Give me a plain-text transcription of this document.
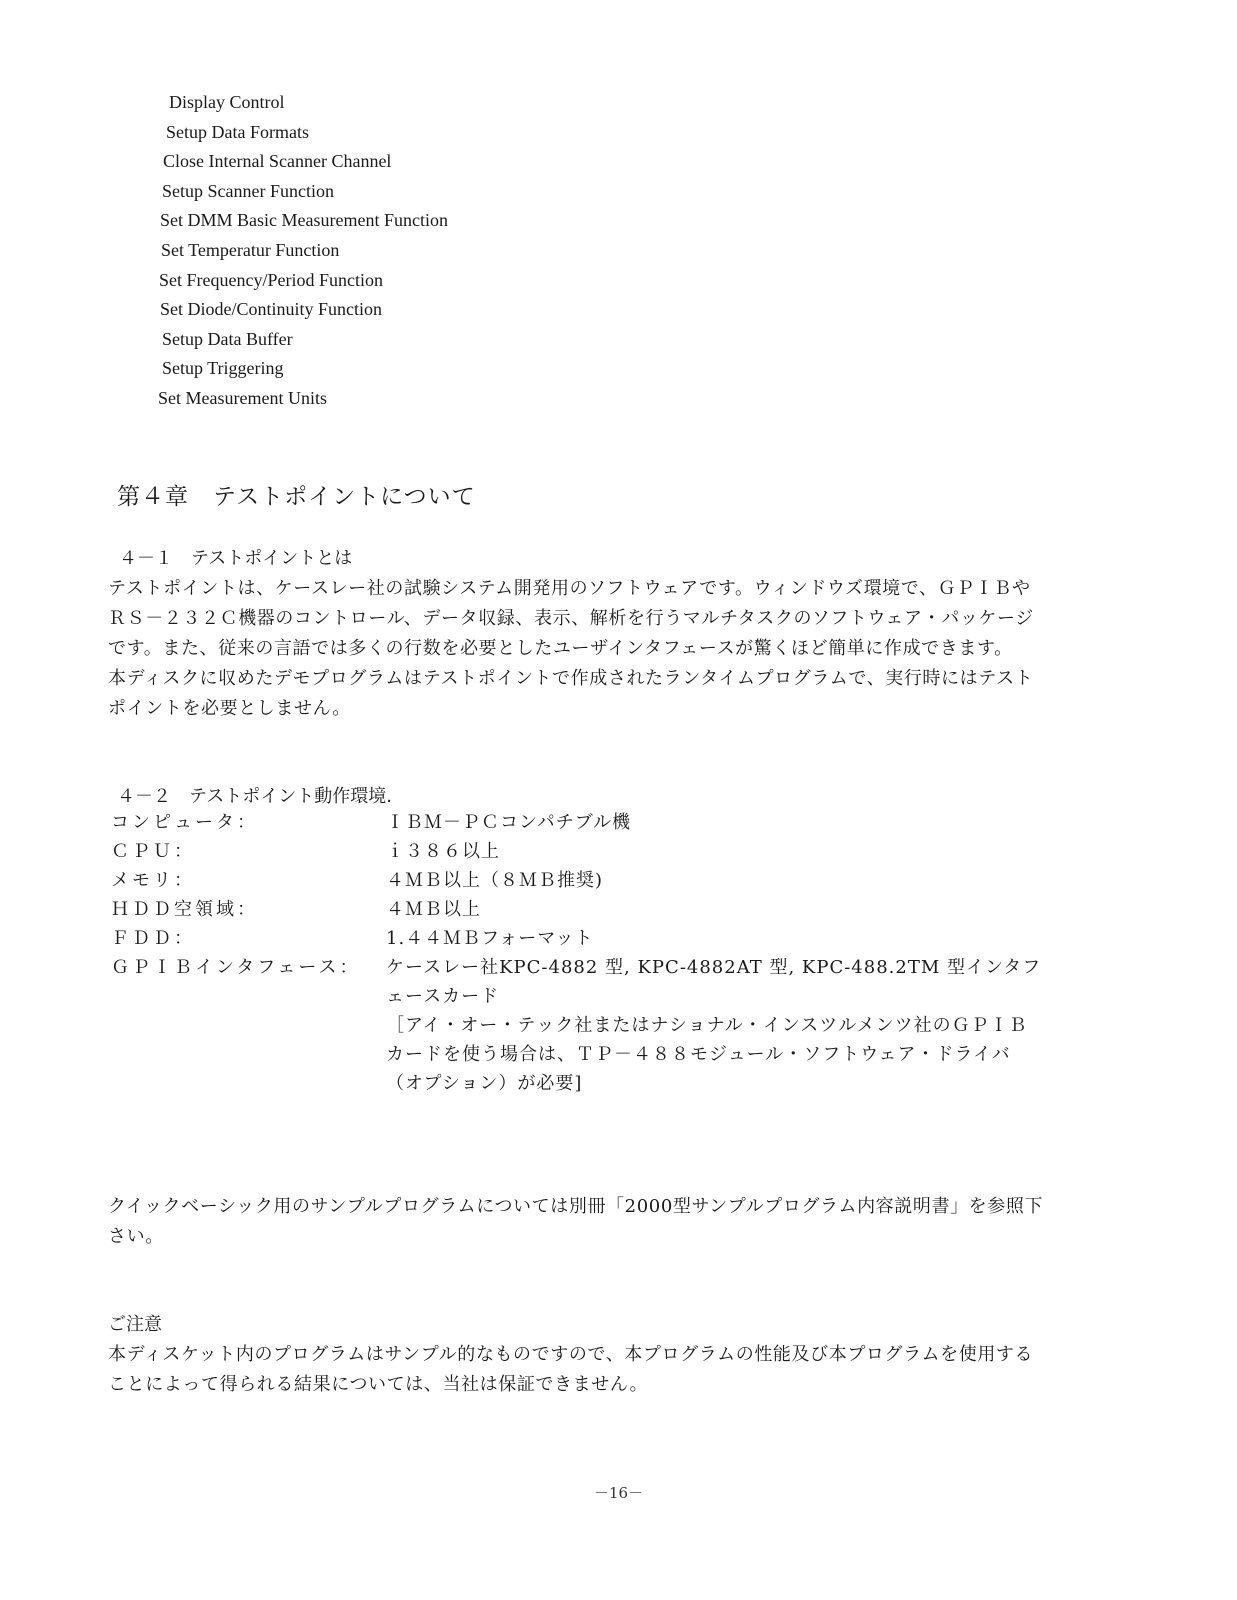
Display Control
Setup Data Formats
Close Internal Scanner Channel
Setup Scanner Function
Set DMM Basic Measurement Function
Set Temperatur Function
Set Frequency/Period Function
Set Diode/Continuity Function
Setup Data Buffer
Setup Triggering
Set Measurement Units
第４章　テストポイントについて
４－１　テストポイントとは

テストポイントは、ケースレー社の試験システム開発用のソフトウェアです。ウィンドウズ環境で、ＧＰＩＢやＲＳ－２３２Ｃ機器のコントロール、データ収録、表示、解析を行うマルチタスクのソフトウェア・パッケージです。また、従来の言語では多くの行数を必要としたユーザインタフェースが驚くほど簡単に作成できます。

本ディスクに収めたデモプログラムはテストポイントで作成されたランタイムプログラムで、実行時にはテストポイントを必要としません。

４－２　テストポイント動作環境.
コンピュータ：	ＩＢＭ－ＰＣコンパチブル機

ＣＰＵ：	ｉ３８６以上

メモリ：	４ＭＢ以上（８ＭＢ推奨)

ＨＤＤ空領域：	４ＭＢ以上

ＦＤＤ：	1.４４ＭＢフォーマット

ＧＰＩＢインタフェース：	ケースレー社KPC-4882 型, KPC-4882AT 型, KPC-488.2TM 型インタフェースカード
［アイ・オー・テック社またはナショナル・インスツルメンツ社のＧＰＩＢカードを使う場合は、ＴＰ－４８８モジュール・ソフトウェア・ドライバ（オプション）が必要]

クイックベーシック用のサンプルプログラムについては別冊「2000型サンプルプログラム内容説明書」を参照下さい。

ご注意

本ディスケット内のプログラムはサンプル的なものですので、本プログラムの性能及び本プログラムを使用することによって得られる結果については、当社は保証できません。

－16－
